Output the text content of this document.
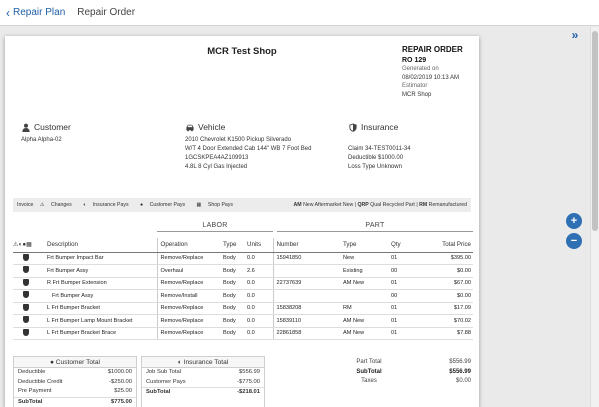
‹ Repair Plan Repair Order
MCR Test Shop	REPAIR ORDER
RO 129
Generated on
08/02/2019 10:13 AM
Estimator
MCR Shop
Customer
Alpha Alpha-02
Vehicle
2010 Chevrolet K1500 Pickup Silverado
W/T 4 Door Extended Cab 144" WB 7 Foot Bed
1GCSKPEA4AZ109913
4.8L 8 Cyl Gas Injected
Insurance
Claim 34-TEST0011-34
Deductible $1000.00
Loss Type Unknown
Invoice ⚠ Changes ◐ Insurance Pays ● Customer Pays ▦ Shop Pays	AM New Aftermarket New | QRP Qual Recycled Part | RM Remanufactured
LABOR	PART
⚠◐●▦		Description	Operation	Type	Units	Number	Type	Qty	Total Price
		Frt Bumper Impact Bar	Remove/Replace	Body	0.0	15941850	New	01	$395.00
		Frt Bumper Assy	Overhaul	Body	2.6		Existing	00	$0.00
		R Frt Bumper Extension	Remove/Replace	Body	0.0	22737639	AM New	01	$67.00
		Frt Bumper Assy	Remove/Install	Body	0.0			00	$0.00
		L Frt Bumper Bracket	Remove/Replace	Body	0.0	15838208	RM	01	$17.09
		L Frt Bumper Lamp Mount Bracket	Remove/Replace	Body	0.0	15839110	AM New	01	$70.02
		L Frt Bumper Bracket Brace	Remove/Replace	Body	0.0	22861858	AM New	01	$7.88
● Customer Total
Deductible	$1000.00
Deductible Credit	-$250.00
Pre Payment	$25.00
SubTotal	$775.00
◐ Insurance Total
Job Sub Total	$556.99
Customer Pays	-$775.00
SubTotal	-$218.01
Part Total	$556.99
SubTotal	$556.99
Taxes	$0.00
»
+
−
